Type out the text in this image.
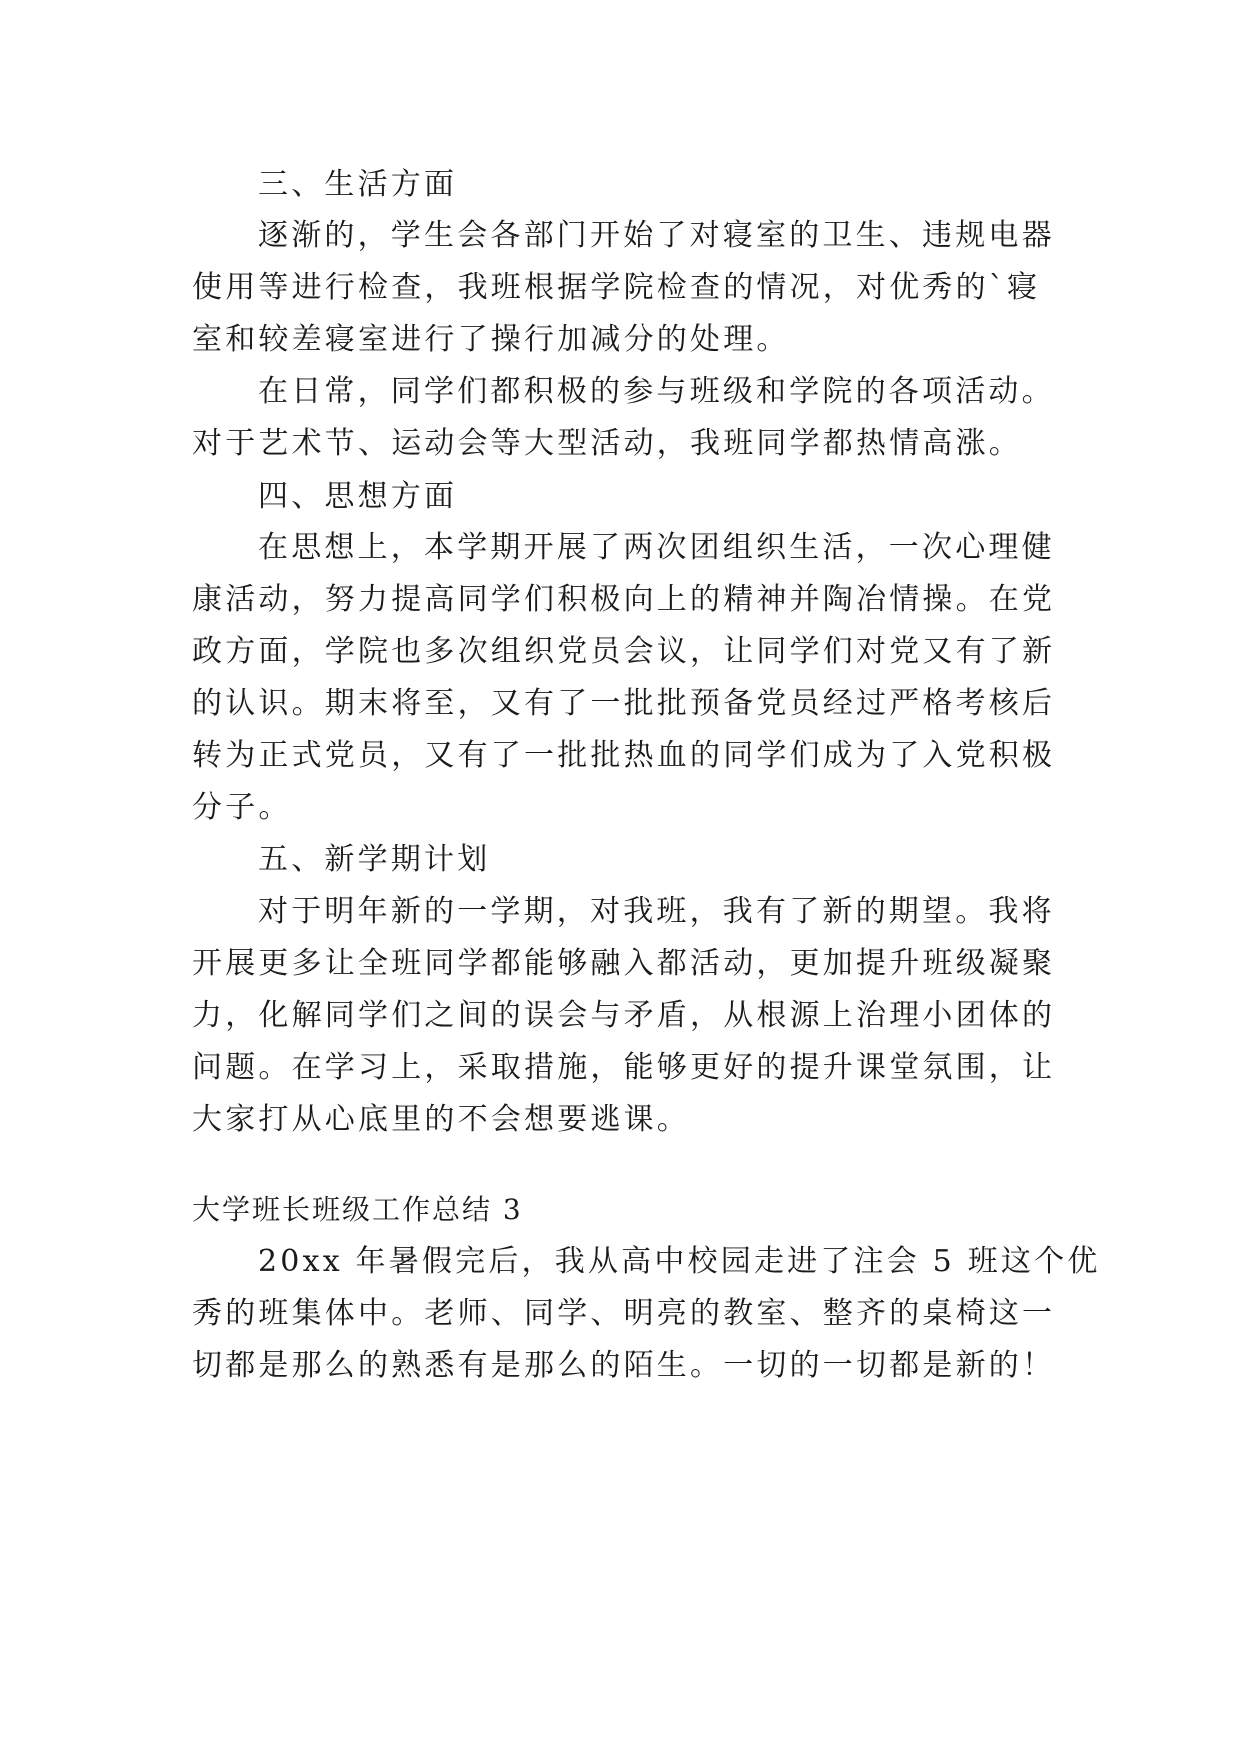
三、生活方面
逐渐的，学生会各部门开始了对寝室的卫生、违规电器
使用等进行检查，我班根据学院检查的情况，对优秀的`寝
室和较差寝室进行了操行加减分的处理。
在日常，同学们都积极的参与班级和学院的各项活动。
对于艺术节、运动会等大型活动，我班同学都热情高涨。
四、思想方面
在思想上，本学期开展了两次团组织生活，一次心理健
康活动，努力提高同学们积极向上的精神并陶冶情操。在党
政方面，学院也多次组织党员会议，让同学们对党又有了新
的认识。期末将至，又有了一批批预备党员经过严格考核后
转为正式党员，又有了一批批热血的同学们成为了入党积极
分子。
五、新学期计划
对于明年新的一学期，对我班，我有了新的期望。我将
开展更多让全班同学都能够融入都活动，更加提升班级凝聚
力，化解同学们之间的误会与矛盾，从根源上治理小团体的
问题。在学习上，采取措施，能够更好的提升课堂氛围，让
大家打从心底里的不会想要逃课。
大学班长班级工作总结 3
20xx 年暑假完后，我从高中校园走进了注会 5 班这个优
秀的班集体中。老师、同学、明亮的教室、整齐的桌椅这一
切都是那么的熟悉有是那么的陌生。一切的一切都是新的！
